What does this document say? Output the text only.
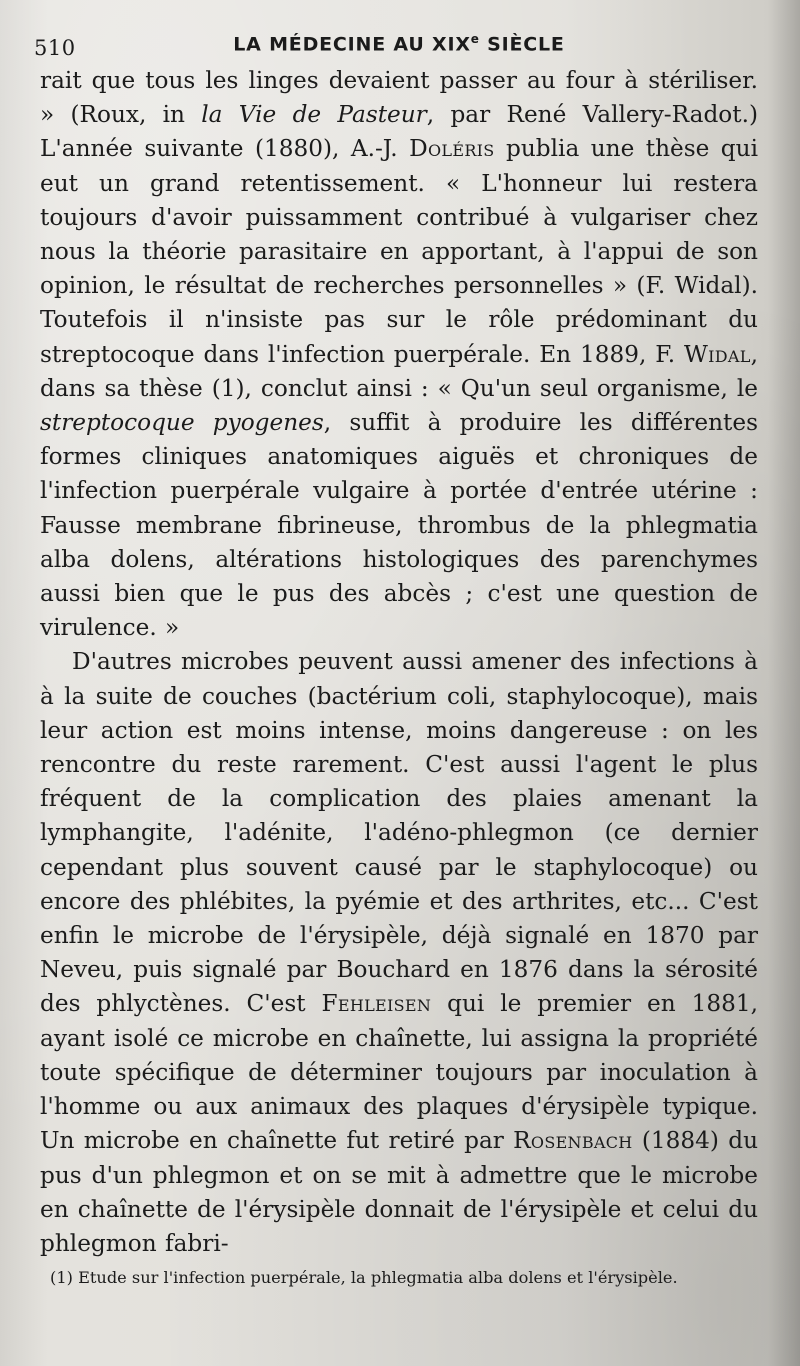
510	LA MÉDECINE AU XIXe SIÈCLE

rait que tous les linges devaient passer au four à stériliser. » (Roux, in la Vie de Pasteur, par René Vallery-Radot.) L'année suivante (1880), A.-J. Doléris publia une thèse qui eut un grand retentissement. « L'honneur lui restera toujours d'avoir puissamment contribué à vulgariser chez nous la théorie parasitaire en apportant, à l'appui de son opinion, le résultat de recherches personnelles » (F. Widal). Toutefois il n'insiste pas sur le rôle prédominant du streptocoque dans l'infection puerpérale. En 1889, F. Widal, dans sa thèse (1), conclut ainsi : « Qu'un seul organisme, le streptocoque pyogenes, suffit à produire les différentes formes cliniques anatomiques aiguës et chroniques de l'infection puerpérale vulgaire à portée d'entrée utérine : Fausse membrane fibrineuse, thrombus de la phlegmatia alba dolens, altérations histologiques des parenchymes aussi bien que le pus des abcès ; c'est une question de virulence. »

D'autres microbes peuvent aussi amener des infections à à la suite de couches (bactérium coli, staphylocoque), mais leur action est moins intense, moins dangereuse : on les rencontre du reste rarement. C'est aussi l'agent le plus fréquent de la complication des plaies amenant la lymphangite, l'adénite, l'adéno-phlegmon (ce dernier cependant plus souvent causé par le staphylocoque) ou encore des phlébites, la pyémie et des arthrites, etc... C'est enfin le microbe de l'érysipèle, déjà signalé en 1870 par Neveu, puis signalé par Bouchard en 1876 dans la sérosité des phlyctènes. C'est Fehleisen qui le premier en 1881, ayant isolé ce microbe en chaînette, lui assigna la propriété toute spécifique de déterminer toujours par inoculation à l'homme ou aux animaux des plaques d'érysipèle typique. Un microbe en chaînette fut retiré par Rosenbach (1884) du pus d'un phlegmon et on se mit à admettre que le microbe en chaînette de l'érysipèle donnait de l'érysipèle et celui du phlegmon fabri-

(1) Etude sur l'infection puerpérale, la phlegmatia alba dolens et l'érysipèle.
